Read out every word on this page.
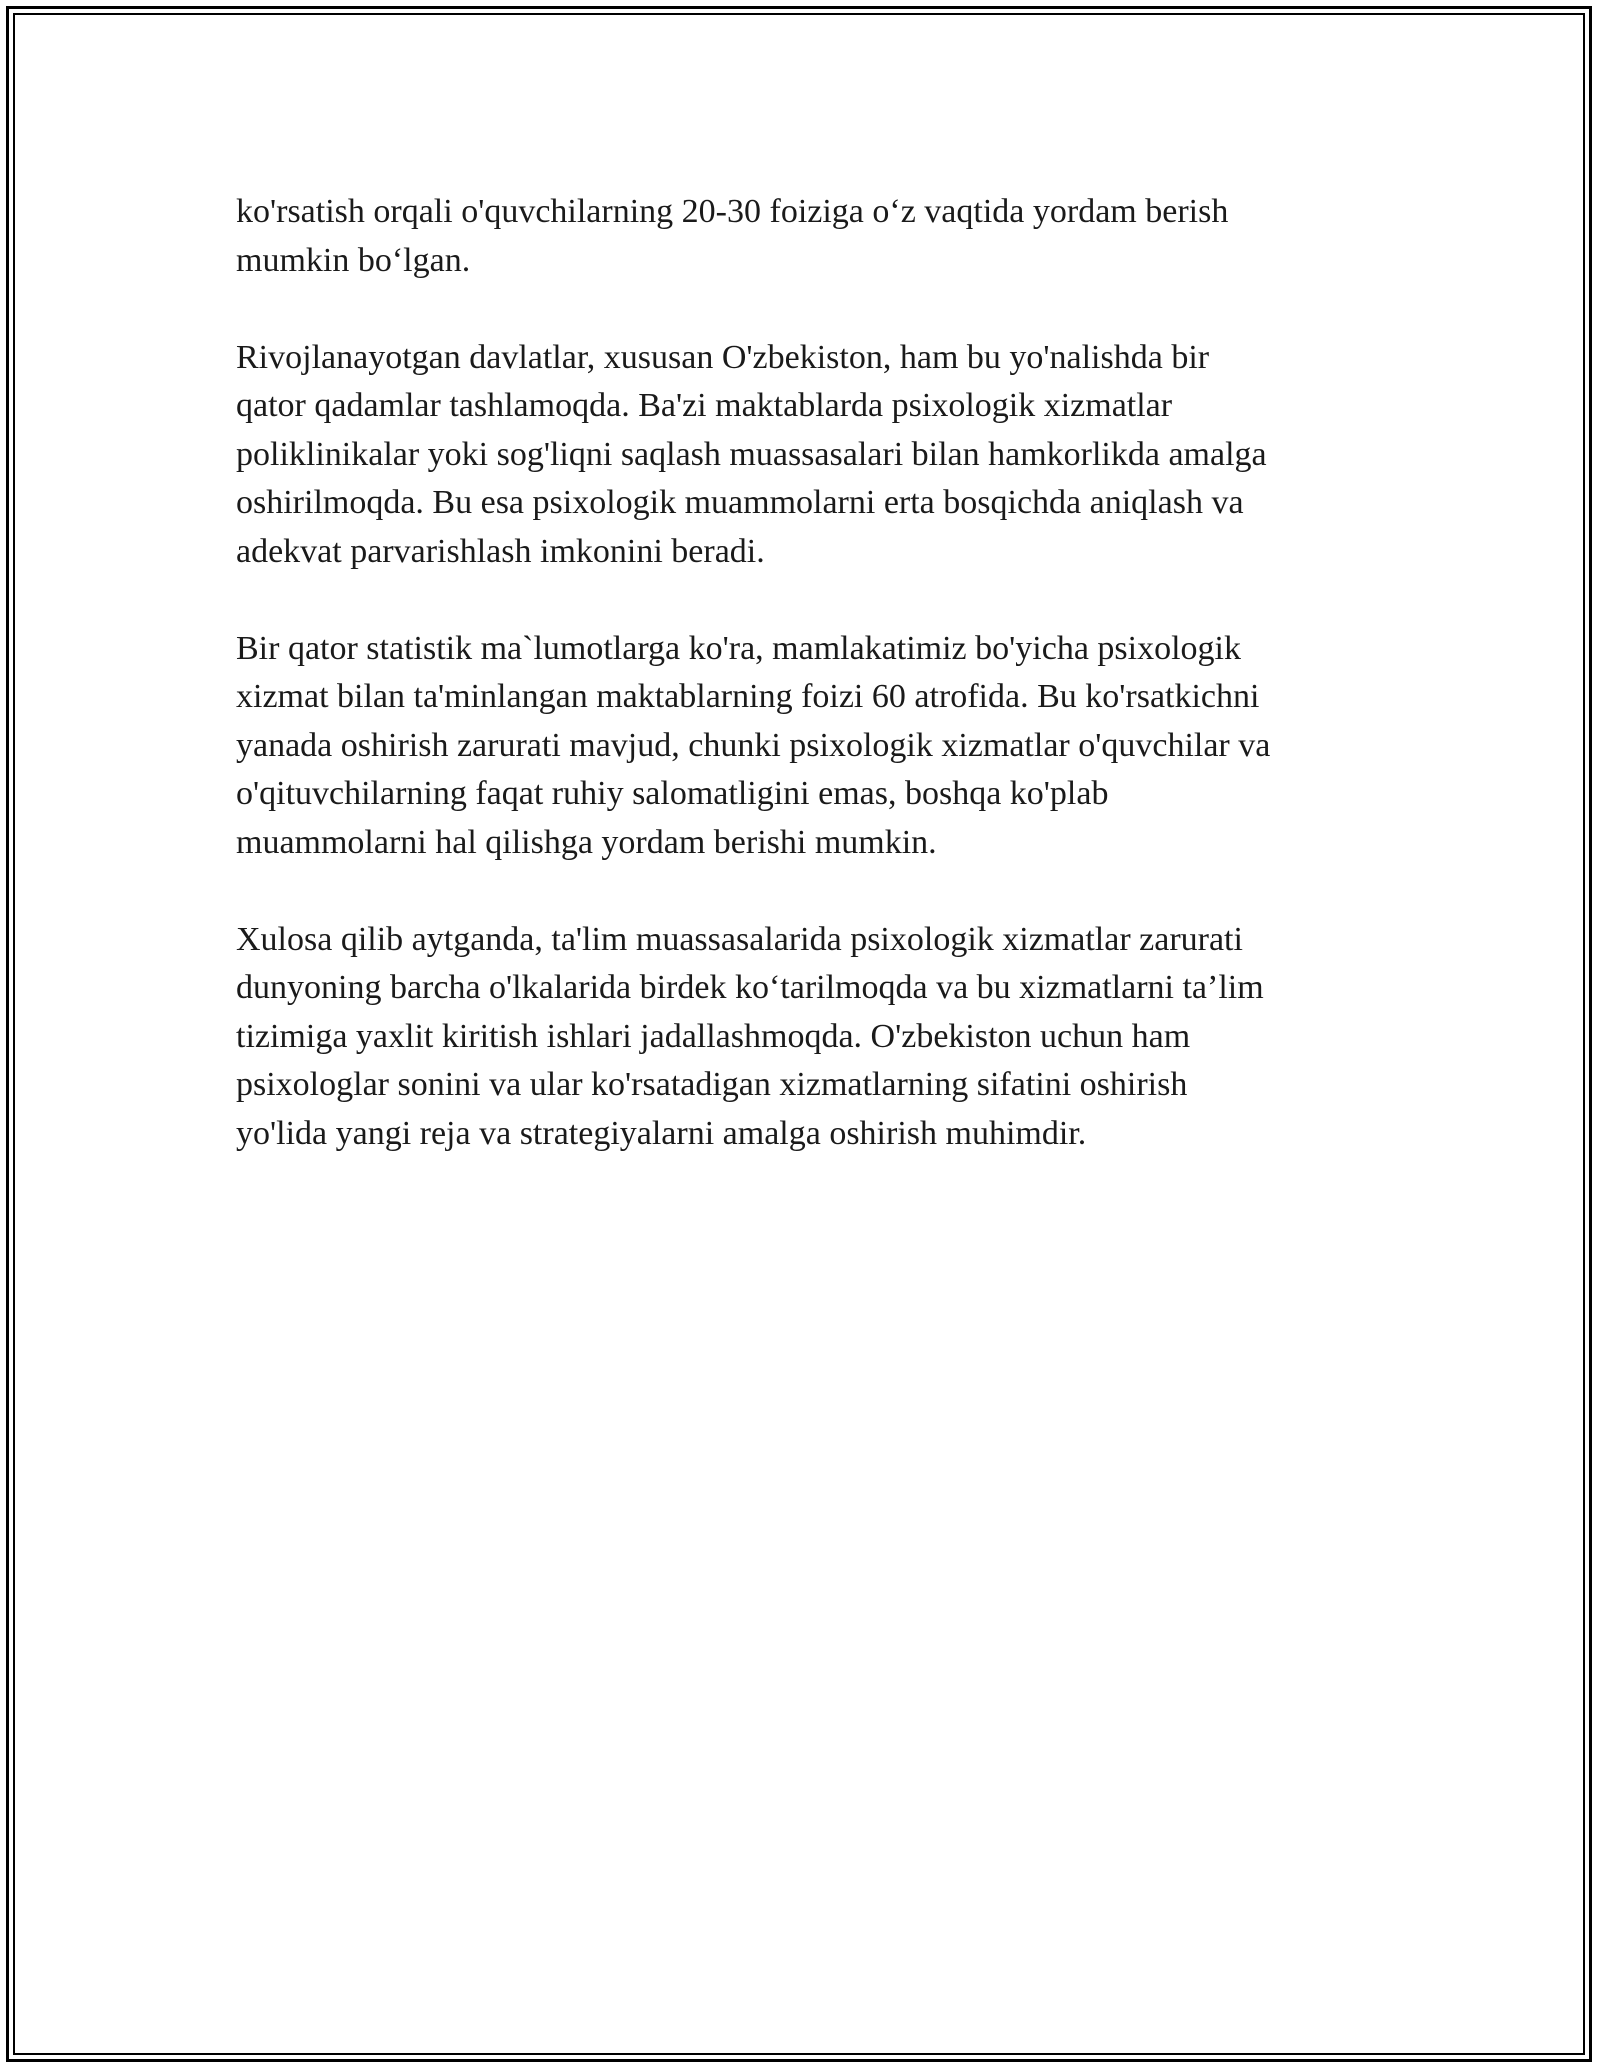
ko'rsatish orqali o'quvchilarning 20-30 foiziga o‘z vaqtida yordam berish
mumkin bo‘lgan.

Rivojlanayotgan davlatlar, xususan O'zbekiston, ham bu yo'nalishda bir
qator qadamlar tashlamoqda. Ba'zi maktablarda psixologik xizmatlar
poliklinikalar yoki sog'liqni saqlash muassasalari bilan hamkorlikda amalga
oshirilmoqda. Bu esa psixologik muammolarni erta bosqichda aniqlash va
adekvat parvarishlash imkonini beradi.

Bir qator statistik ma`lumotlarga ko'ra, mamlakatimiz bo'yicha psixologik
xizmat bilan ta'minlangan maktablarning foizi 60 atrofida. Bu ko'rsatkichni
yanada oshirish zarurati mavjud, chunki psixologik xizmatlar o'quvchilar va
o'qituvchilarning faqat ruhiy salomatligini emas, boshqa ko'plab
muammolarni hal qilishga yordam berishi mumkin.

Xulosa qilib aytganda, ta'lim muassasalarida psixologik xizmatlar zarurati
dunyoning barcha o'lkalarida birdek ko‘tarilmoqda va bu xizmatlarni ta’lim
tizimiga yaxlit kiritish ishlari jadallashmoqda. O'zbekiston uchun ham
psixologlar sonini va ular ko'rsatadigan xizmatlarning sifatini oshirish
yo'lida yangi reja va strategiyalarni amalga oshirish muhimdir.
